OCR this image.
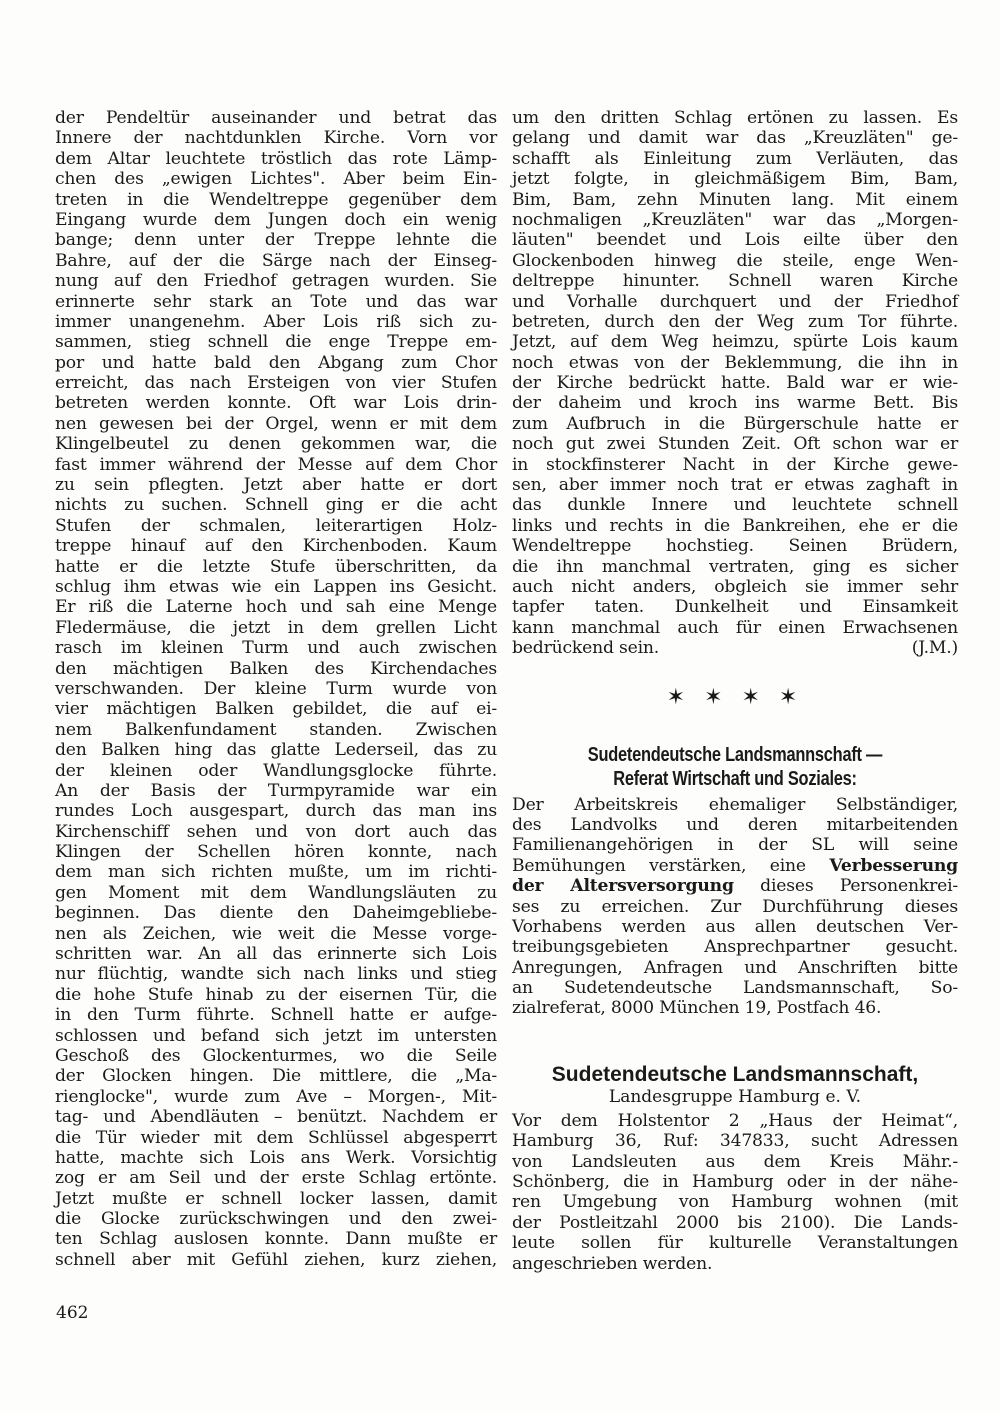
der Pendeltür auseinander und betrat das
Innere der nachtdunklen Kirche. Vorn vor
dem Altar leuchtete tröstlich das rote Lämp-
chen des „ewigen Lichtes". Aber beim Ein-
treten in die Wendeltreppe gegenüber dem
Eingang wurde dem Jungen doch ein wenig
bange; denn unter der Treppe lehnte die
Bahre, auf der die Särge nach der Einseg-
nung auf den Friedhof getragen wurden. Sie
erinnerte sehr stark an Tote und das war
immer unangenehm. Aber Lois riß sich zu-
sammen, stieg schnell die enge Treppe em-
por und hatte bald den Abgang zum Chor
erreicht, das nach Ersteigen von vier Stufen
betreten werden konnte. Oft war Lois drin-
nen gewesen bei der Orgel, wenn er mit dem
Klingelbeutel zu denen gekommen war, die
fast immer während der Messe auf dem Chor
zu sein pflegten. Jetzt aber hatte er dort
nichts zu suchen. Schnell ging er die acht
Stufen der schmalen, leiterartigen Holz-
treppe hinauf auf den Kirchenboden. Kaum
hatte er die letzte Stufe überschritten, da
schlug ihm etwas wie ein Lappen ins Gesicht.
Er riß die Laterne hoch und sah eine Menge
Fledermäuse, die jetzt in dem grellen Licht
rasch im kleinen Turm und auch zwischen
den mächtigen Balken des Kirchendaches
verschwanden. Der kleine Turm wurde von
vier mächtigen Balken gebildet, die auf ei-
nem Balkenfundament standen. Zwischen
den Balken hing das glatte Lederseil, das zu
der kleinen oder Wandlungsglocke führte.
An der Basis der Turmpyramide war ein
rundes Loch ausgespart, durch das man ins
Kirchenschiff sehen und von dort auch das
Klingen der Schellen hören konnte, nach
dem man sich richten mußte, um im richti-
gen Moment mit dem Wandlungsläuten zu
beginnen. Das diente den Daheimgebliebe-
nen als Zeichen, wie weit die Messe vorge-
schritten war. An all das erinnerte sich Lois
nur flüchtig, wandte sich nach links und stieg
die hohe Stufe hinab zu der eisernen Tür, die
in den Turm führte. Schnell hatte er aufge-
schlossen und befand sich jetzt im untersten
Geschoß des Glockenturmes, wo die Seile
der Glocken hingen. Die mittlere, die „Ma-
rienglocke", wurde zum Ave – Morgen-, Mit-
tag- und Abendläuten – benützt. Nachdem er
die Tür wieder mit dem Schlüssel abgesperrt
hatte, machte sich Lois ans Werk. Vorsichtig
zog er am Seil und der erste Schlag ertönte.
Jetzt mußte er schnell locker lassen, damit
die Glocke zurückschwingen und den zwei-
ten Schlag auslosen konnte. Dann mußte er
schnell aber mit Gefühl ziehen, kurz ziehen,
um den dritten Schlag ertönen zu lassen. Es
gelang und damit war das „Kreuzläten" ge-
schafft als Einleitung zum Verläuten, das
jetzt folgte, in gleichmäßigem Bim, Bam,
Bim, Bam, zehn Minuten lang. Mit einem
nochmaligen „Kreuzläten" war das „Morgen-
läuten" beendet und Lois eilte über den
Glockenboden hinweg die steile, enge Wen-
deltreppe hinunter. Schnell waren Kirche
und Vorhalle durchquert und der Friedhof
betreten, durch den der Weg zum Tor führte.
Jetzt, auf dem Weg heimzu, spürte Lois kaum
noch etwas von der Beklemmung, die ihn in
der Kirche bedrückt hatte. Bald war er wie-
der daheim und kroch ins warme Bett. Bis
zum Aufbruch in die Bürgerschule hatte er
noch gut zwei Stunden Zeit. Oft schon war er
in stockfinsterer Nacht in der Kirche gewe-
sen, aber immer noch trat er etwas zaghaft in
das dunkle Innere und leuchtete schnell
links und rechts in die Bankreihen, ehe er die
Wendeltreppe hochstieg. Seinen Brüdern,
die ihn manchmal vertraten, ging es sicher
auch nicht anders, obgleich sie immer sehr
tapfer taten. Dunkelheit und Einsamkeit
kann manchmal auch für einen Erwachsenen
bedrückend sein.	(J.M.)
✶ ✶ ✶ ✶
Sudetendeutsche Landsmannschaft —
Referat Wirtschaft und Soziales:
Der Arbeitskreis ehemaliger Selbständiger,
des Landvolks und deren mitarbeitenden
Familienangehörigen in der SL will seine
Bemühungen verstärken, eine Verbesserung
der Altersversorgung dieses Personenkrei-
ses zu erreichen. Zur Durchführung dieses
Vorhabens werden aus allen deutschen Ver-
treibungsgebieten Ansprechpartner gesucht.
Anregungen, Anfragen und Anschriften bitte
an Sudetendeutsche Landsmannschaft, So-
zialreferat, 8000 München 19, Postfach 46.
Sudetendeutsche Landsmannschaft,
Landesgruppe Hamburg e. V.
Vor dem Holstentor 2 „Haus der Heimat“,
Hamburg 36, Ruf: 347833, sucht Adressen
von Landsleuten aus dem Kreis Mähr.-
Schönberg, die in Hamburg oder in der nähe-
ren Umgebung von Hamburg wohnen (mit
der Postleitzahl 2000 bis 2100). Die Lands-
leute sollen für kulturelle Veranstaltungen
angeschrieben werden.
462
